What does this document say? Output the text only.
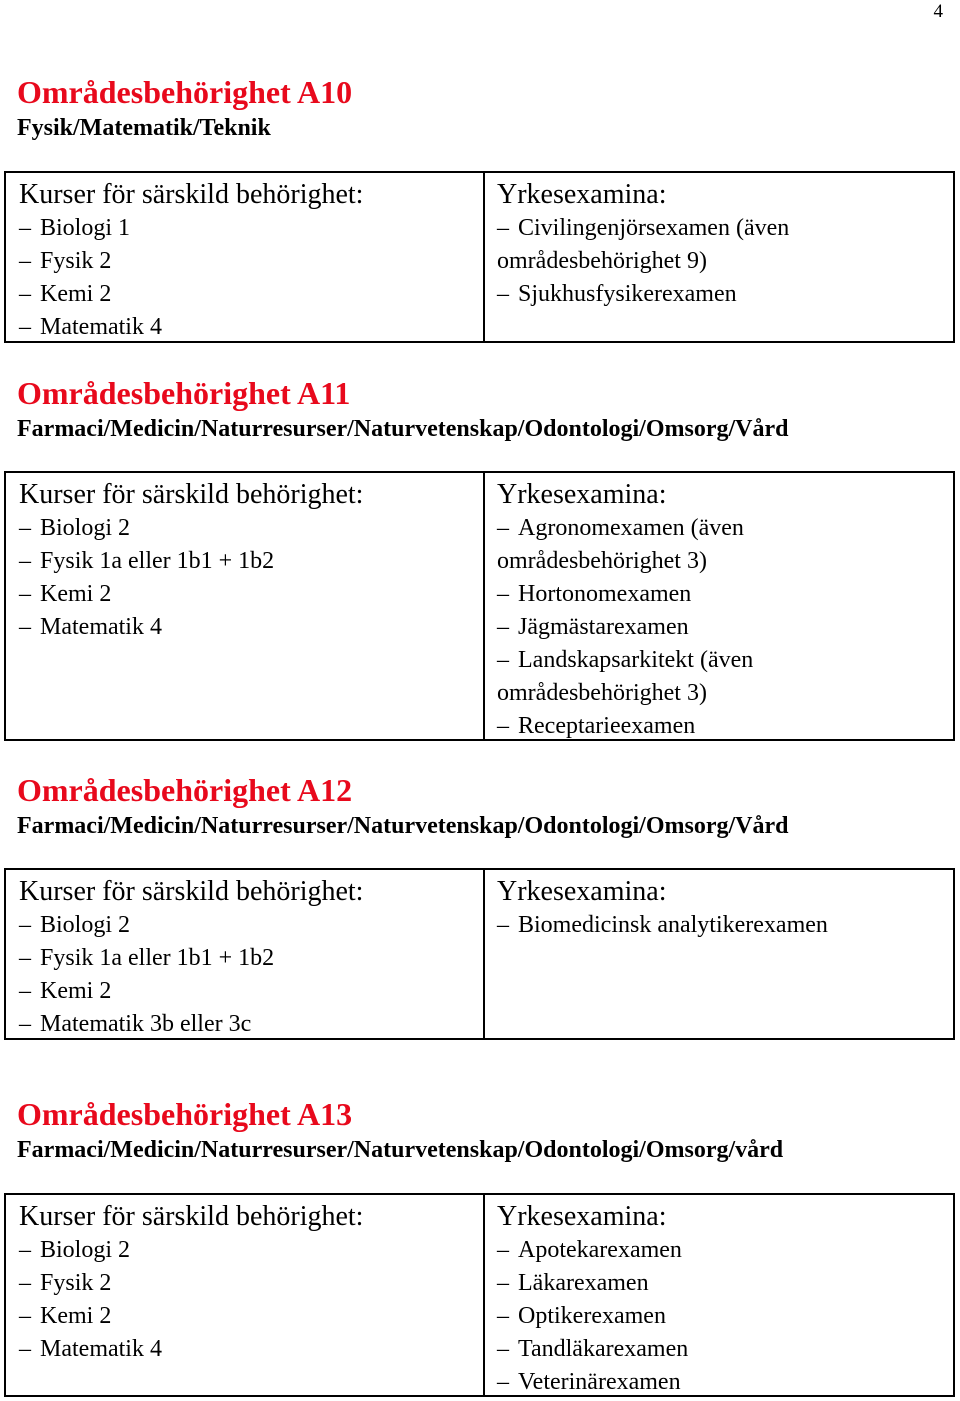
4
Områdesbehörighet A10
Fysik/Matematik/Teknik
Kurser för särskild behörighet:
– Biologi 1
– Fysik 2
– Kemi 2
– Matematik 4
Yrkesexamina:
– Civilingenjörsexamen (även
områdesbehörighet 9)
– Sjukhusfysikerexamen
Områdesbehörighet A11
Farmaci/Medicin/Naturresurser/Naturvetenskap/Odontologi/Omsorg/Vård
Kurser för särskild behörighet:
– Biologi 2
– Fysik 1a eller 1b1 + 1b2
– Kemi 2
– Matematik 4
Yrkesexamina:
– Agronomexamen (även
områdesbehörighet 3)
– Hortonomexamen
– Jägmästarexamen
– Landskapsarkitekt (även
områdesbehörighet 3)
– Receptarieexamen
Områdesbehörighet A12
Farmaci/Medicin/Naturresurser/Naturvetenskap/Odontologi/Omsorg/Vård
Kurser för särskild behörighet:
– Biologi 2
– Fysik 1a eller 1b1 + 1b2
– Kemi 2
– Matematik 3b eller 3c
Yrkesexamina:
– Biomedicinsk analytikerexamen
Områdesbehörighet A13
Farmaci/Medicin/Naturresurser/Naturvetenskap/Odontologi/Omsorg/vård
Kurser för särskild behörighet:
– Biologi 2
– Fysik 2
– Kemi 2
– Matematik 4
Yrkesexamina:
– Apotekarexamen
– Läkarexamen
– Optikerexamen
– Tandläkarexamen
– Veterinärexamen
